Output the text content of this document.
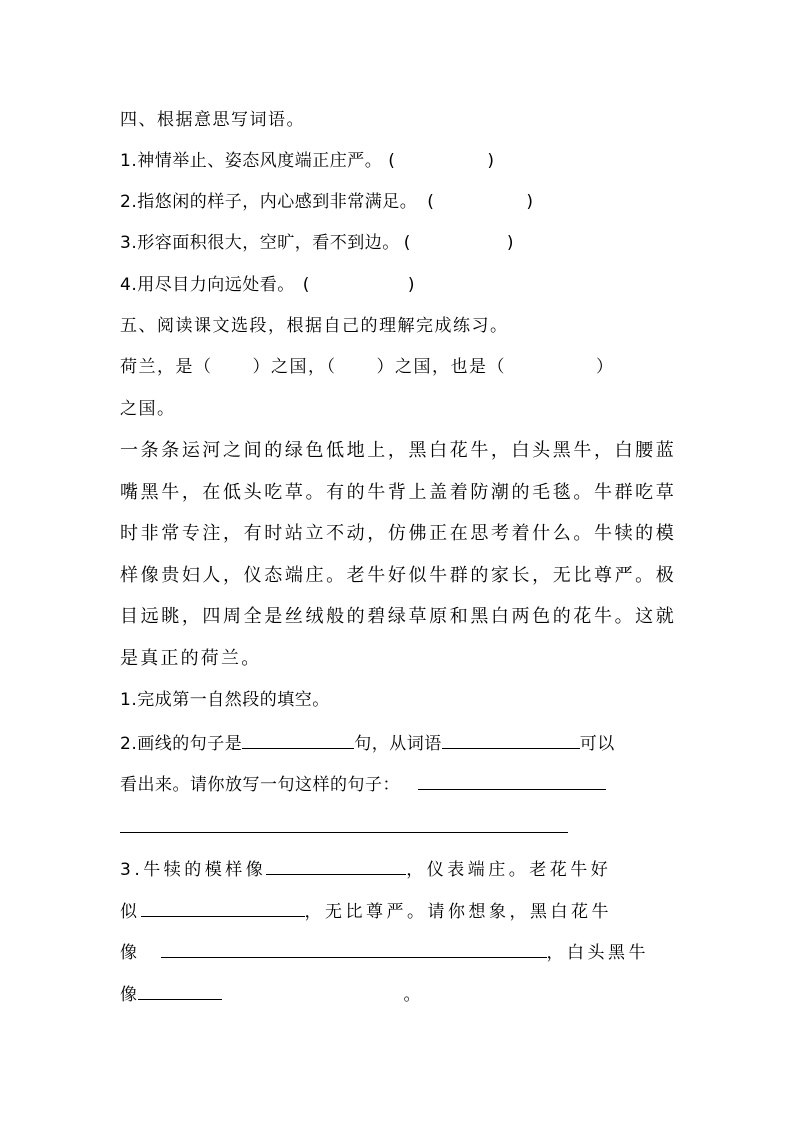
四、根据意思写词语。
1.神情举止、姿态风度端正庄严。 (	)
2.指悠闲的样子，内心感到非常满足。 (	)
3.形容面积很大，空旷，看不到边。 (	)
4.用尽目力向远处看。 (	)
五、阅读课文选段，根据自己的理解完成练习。
荷兰，是（ ）之国，（ ）之国，也是（	）
之国。
一条条运河之间的绿色低地上，黑白花牛，白头黑牛，白腰蓝嘴黑牛，在低头吃草。有的牛背上盖着防潮的毛毯。牛群吃草时非常专注，有时站立不动，仿佛正在思考着什么。牛犊的模样像贵妇人，仪态端庄。老牛好似牛群的家长，无比尊严。极目远眺，四周全是丝绒般的碧绿草原和黑白两色的花牛。这就是真正的荷兰。
1.完成第一自然段的填空。
2.画线的句子是	句，从词语	可以
看出来。请你放写一句这样的句子：
3.牛犊的模样像	，仪表端庄。老花牛好
似	，无比尊严。请你想象，黑白花牛
像	，白头黑牛
像	。
